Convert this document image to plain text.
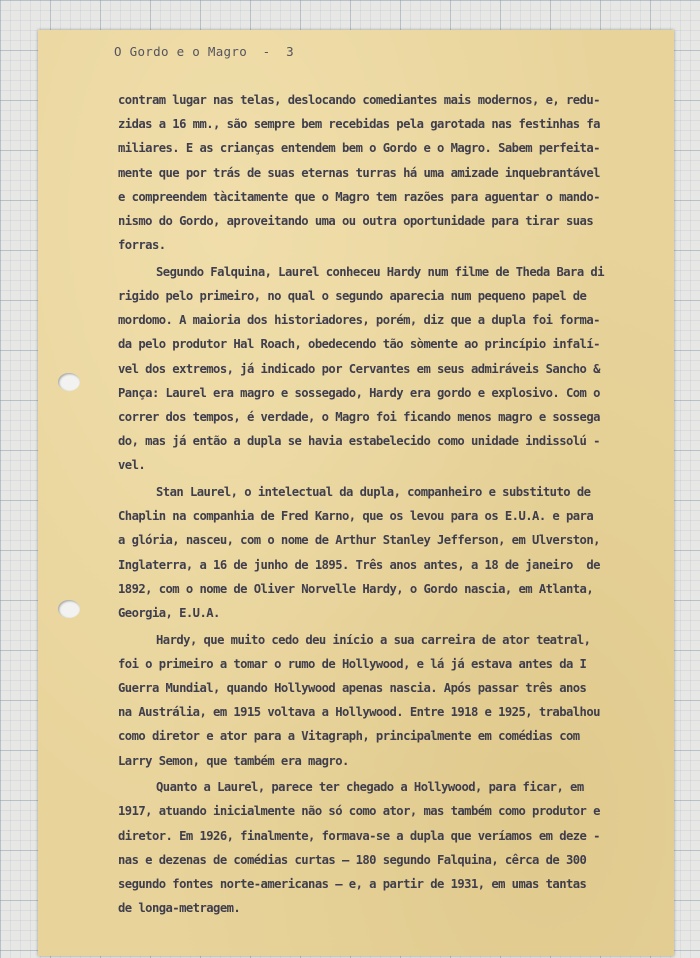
O Gordo e o Magro  -  3
contram lugar nas telas, deslocando comediantes mais modernos, e, redu-
zidas a 16 mm., são sempre bem recebidas pela garotada nas festinhas fa
miliares. E as crianças entendem bem o Gordo e o Magro. Sabem perfeita-
mente que por trás de suas eternas turras há uma amizade inquebrantável
e compreendem tàcitamente que o Magro tem razões para aguentar o mando-
nismo do Gordo, aproveitando uma ou outra oportunidade para tirar suas
forras.
Segundo Falquina, Laurel conheceu Hardy num filme de Theda Bara di
rigido pelo primeiro, no qual o segundo aparecia num pequeno papel de
mordomo. A maioria dos historiadores, porém, diz que a dupla foi forma-
da pelo produtor Hal Roach, obedecendo tão sòmente ao princípio infalí-
vel dos extremos, já indicado por Cervantes em seus admiráveis Sancho &
Pança: Laurel era magro e sossegado, Hardy era gordo e explosivo. Com o
correr dos tempos, é verdade, o Magro foi ficando menos magro e sossega
do, mas já então a dupla se havia estabelecido como unidade indissolú -
vel.
Stan Laurel, o intelectual da dupla, companheiro e substituto de
Chaplin na companhia de Fred Karno, que os levou para os E.U.A. e para
a glória, nasceu, com o nome de Arthur Stanley Jefferson, em Ulverston,
Inglaterra, a 16 de junho de 1895. Três anos antes, a 18 de janeiro  de
1892, com o nome de Oliver Norvelle Hardy, o Gordo nascia, em Atlanta,
Georgia, E.U.A.
Hardy, que muito cedo deu início a sua carreira de ator teatral,
foi o primeiro a tomar o rumo de Hollywood, e lá já estava antes da I
Guerra Mundial, quando Hollywood apenas nascia. Após passar três anos
na Austrália, em 1915 voltava a Hollywood. Entre 1918 e 1925, trabalhou
como diretor e ator para a Vitagraph, principalmente em comédias com
Larry Semon, que também era magro.
Quanto a Laurel, parece ter chegado a Hollywood, para ficar, em
1917, atuando inicialmente não só como ator, mas também como produtor e
diretor. Em 1926, finalmente, formava-se a dupla que veríamos em deze -
nas e dezenas de comédias curtas — 180 segundo Falquina, cêrca de 300
segundo fontes norte-americanas — e, a partir de 1931, em umas tantas
de longa-metragem.
